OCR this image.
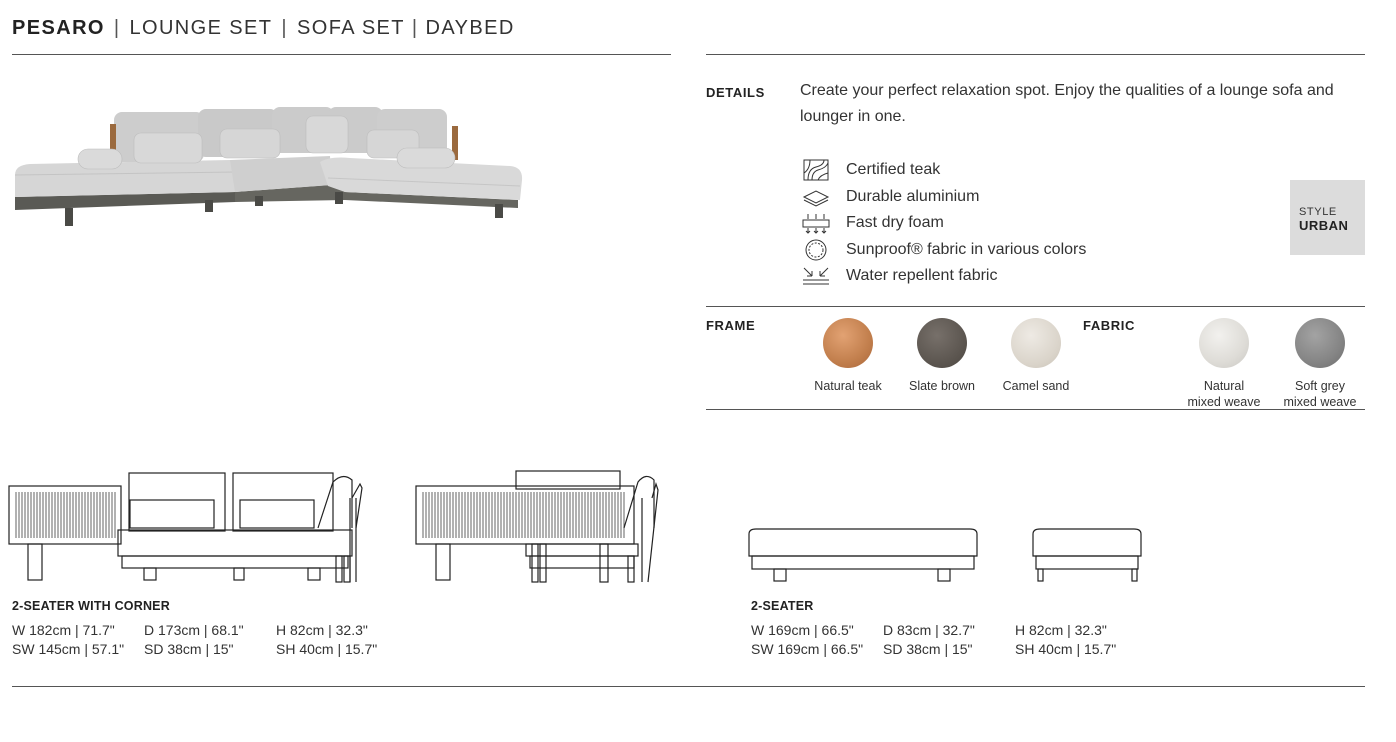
PESARO | LOUNGE SET | SOFA SET | DAYBED
DETAILS Create your perfect relaxation spot. Enjoy the qualities of a lounge sofa and
lounger in one.
Certified teak
Durable aluminium
Fast dry foam
Sunproof® fabric in various colors
Water repellent fabric
STYLE
URBAN
FRAME
Natural teak	Slate brown	Camel sand
FABRIC
Natural
mixed weave
Soft grey
mixed weave
2-SEATER WITH CORNER
W 182cm | 71.7" D 173cm | 68.1" H 82cm | 32.3"
SW 145cm | 57.1" SD 38cm | 15"	SH 40cm | 15.7"
2-SEATER
W 169cm | 66.5" D 83cm | 32.7"	H 82cm | 32.3"
SW 169cm | 66.5" SD 38cm | 15"	SH 40cm | 15.7"
